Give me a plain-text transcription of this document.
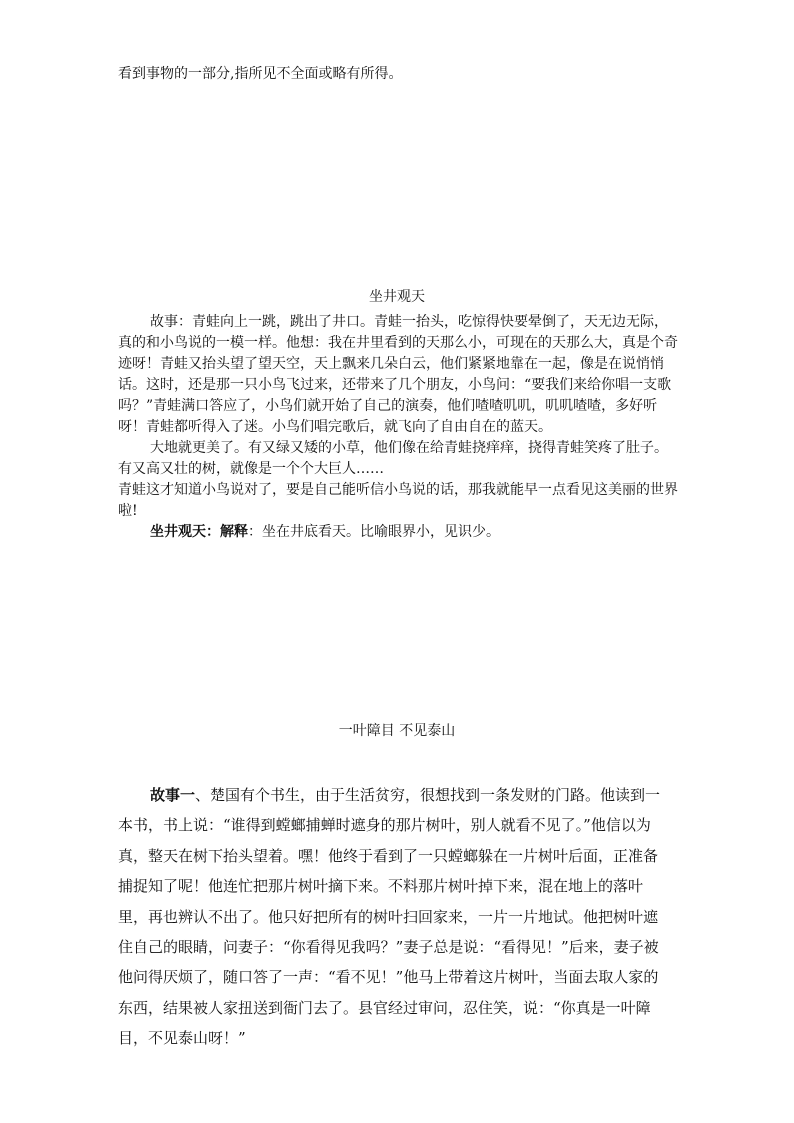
看到事物的一部分,指所见不全面或略有所得。
坐井观天

故事：青蛙向上一跳，跳出了井口。青蛙一抬头，吃惊得快要晕倒了，天无边无际，真的和小鸟说的一模一样。他想：我在井里看到的天那么小，可现在的天那么大，真是个奇迹呀！青蛙又抬头望了望天空，天上飘来几朵白云，他们紧紧地靠在一起，像是在说悄悄话。这时，还是那一只小鸟飞过来，还带来了几个朋友，小鸟问：“要我们来给你唱一支歌吗？”青蛙满口答应了，小鸟们就开始了自己的演奏，他们喳喳叽叽，叽叽喳喳，多好听呀！青蛙都听得入了迷。小鸟们唱完歌后，就飞向了自由自在的蓝天。

大地就更美了。有又绿又矮的小草，他们像在给青蛙挠痒痒，挠得青蛙笑疼了肚子。有又高又壮的树，就像是一个个大巨人……

青蛙这才知道小鸟说对了，要是自己能听信小鸟说的话，那我就能早一点看见这美丽的世界啦!

坐井观天：解释：坐在井底看天。比喻眼界小，见识少。

一叶障目 不见泰山

故事一、楚国有个书生，由于生活贫穷，很想找到一条发财的门路。他读到一本书，书上说：“谁得到螳螂捕蝉时遮身的那片树叶，别人就看不见了。”他信以为真，整天在树下抬头望着。嘿！他终于看到了一只螳螂躲在一片树叶后面，正准备捕捉知了呢！他连忙把那片树叶摘下来。不料那片树叶掉下来，混在地上的落叶里，再也辨认不出了。他只好把所有的树叶扫回家来，一片一片地试。他把树叶遮住自己的眼睛，问妻子：“你看得见我吗？”妻子总是说：“看得见！”后来，妻子被他问得厌烦了，随口答了一声：“看不见！”他马上带着这片树叶，当面去取人家的东西，结果被人家扭送到衙门去了。县官经过审问，忍住笑，说：“你真是一叶障目，不见泰山呀！”
